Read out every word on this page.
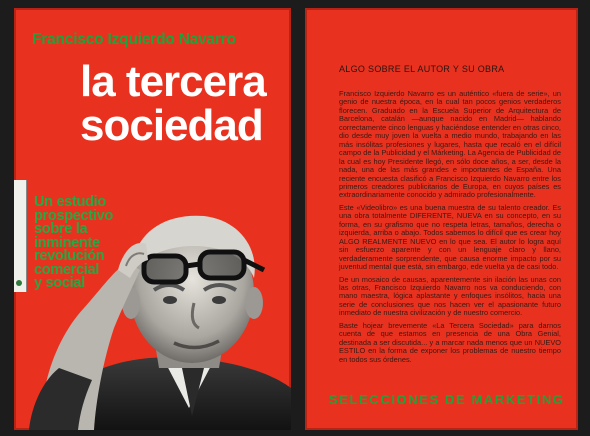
Francisco Izquierdo Navarro
la tercera
sociedad
Un estudio
prospectivo
sobre la
inminente
revolución
comercial
y social
ALGO SOBRE EL AUTOR Y SU OBRA

Francisco Izquierdo Navarro es un auténtico «fuera de serie», un genio de nuestra época, en la cual tan pocos genios verdaderos florecen. Graduado en la Escuela Superior de Arquitectura de Barcelona, catalán —aunque nacido en Madrid— hablando correctamente cinco lenguas y haciéndose entender en otras cinco, dio desde muy joven la vuelta a medio mundo, trabajando en las más insólitas profesiones y lugares, hasta que recaló en el difícil campo de la Publicidad y el Márketing. La Agencia de Publicidad de la cual es hoy Presidente llegó, en sólo doce años, a ser, desde la nada, una de las más grandes e importantes de España. Una reciente encuesta clasificó a Francisco Izquierdo Navarro entre los primeros creadores publicitarios de Europa, en cuyos países es extraordinariamente conocido y admirado profesionalmente.

Este «Videolibro» es una buena muestra de su talento creador. Es una obra totalmente DIFERENTE, NUEVA en su concepto, en su forma, en su grafismo que no respeta letras, tamaños, derecha o izquierda, arriba o abajo. Todos sabemos lo difícil que es crear hoy ALGO REALMENTE NUEVO en lo que sea. El autor lo logra aquí sin esfuerzo aparente y con un lenguaje claro y llano, verdaderamente sorprendente, que causa enorme impacto por su juventud mental que está, sin embargo, ede vuelta ya de casi todo.

De un mosaico de causas, aparentemente sin ilación las unas con las otras, Francisco Izquierdo Navarro nos va conduciendo, con mano maestra, lógica aplastante y enfoques insólitos, hacia una serie de conclusiones que nos hacen ver el apasionante futuro inmediato de nuestra civilización y de nuestro comercio.

Baste hojear brevemente «La Tercera Sociedad» para darnos cuenta de que estamos en presencia de una Obra Genial, destinada a ser discutida... y a marcar nada menos que un NUEVO ESTILO en la forma de exponer los problemas de nuestro tiempo en todos sus órdenes.

SELECCIONES DE MARKETING
